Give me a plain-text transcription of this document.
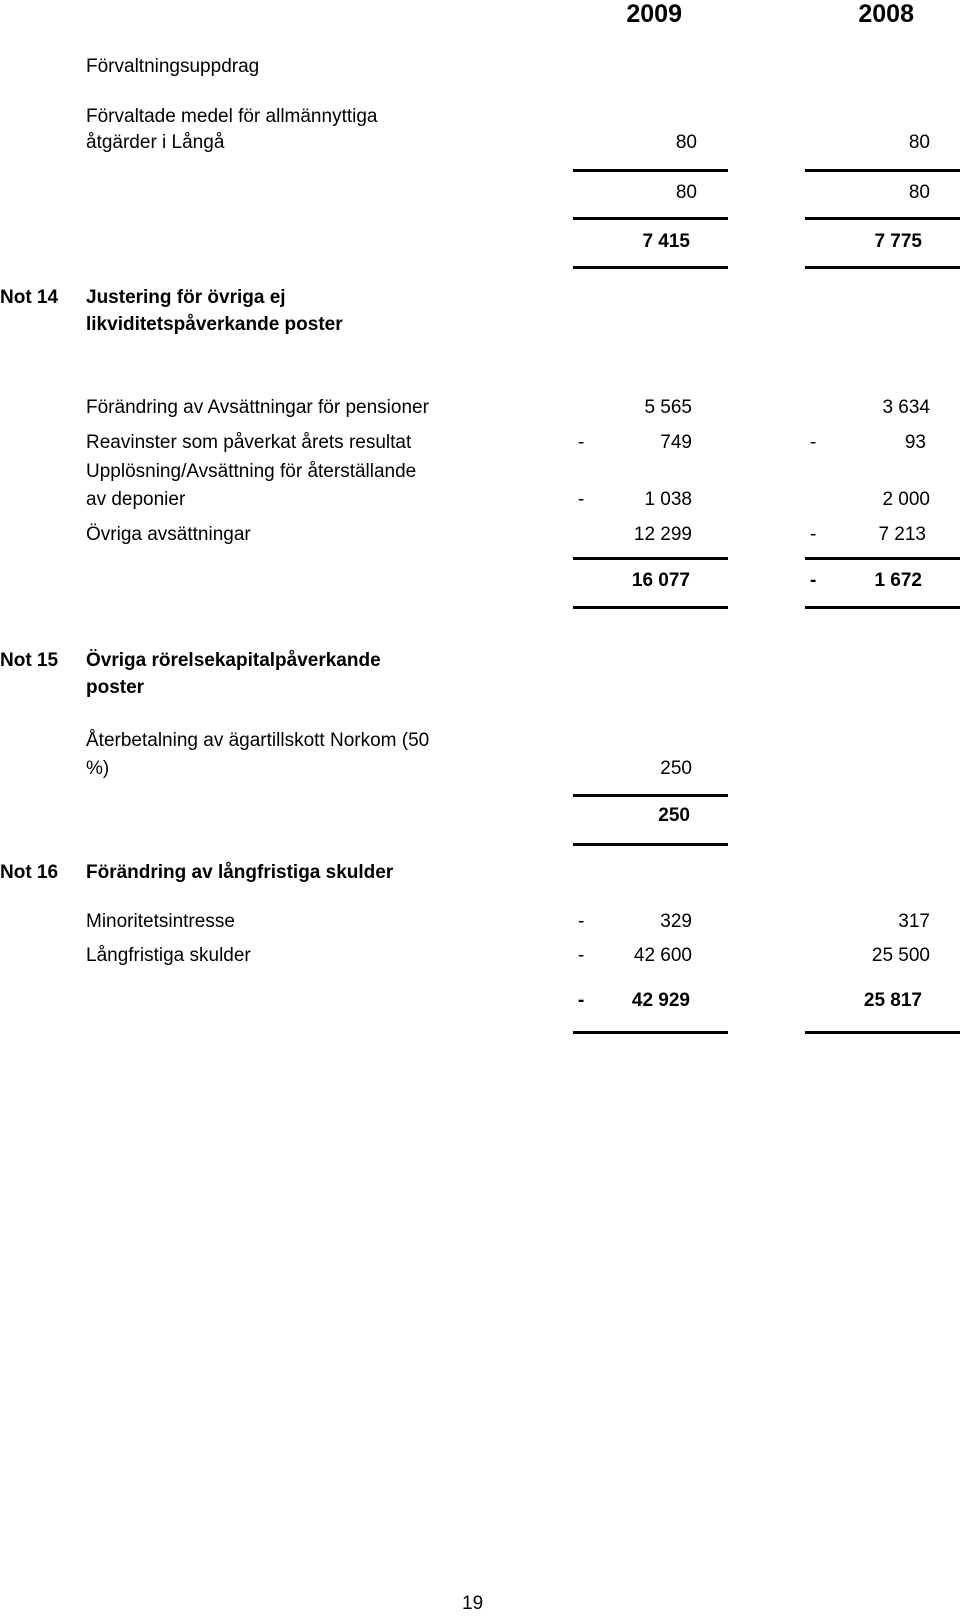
2009	2008
Förvaltningsuppdrag
Förvaltade medel för allmännyttiga
åtgärder i Långå	80	80
80	80
7 415	7 775
Not 14 Justering för övriga ej
likviditetspåverkande poster
Förändring av Avsättningar för pensioner	5 565	3 634
Reavinster som påverkat årets resultat	-	749	-	93
Upplösning/Avsättning för återställande
av deponier	-	1 038	2 000
Övriga avsättningar	12 299	-	7 213
16 077	-	1 672
Not 15 Övriga rörelsekapitalpåverkande
poster
Återbetalning av ägartillskott Norkom (50
%)	250
250
Not 16 Förändring av långfristiga skulder
Minoritetsintresse	-	329	317
Långfristiga skulder	-	42 600	25 500
-	42 929	25 817
19
